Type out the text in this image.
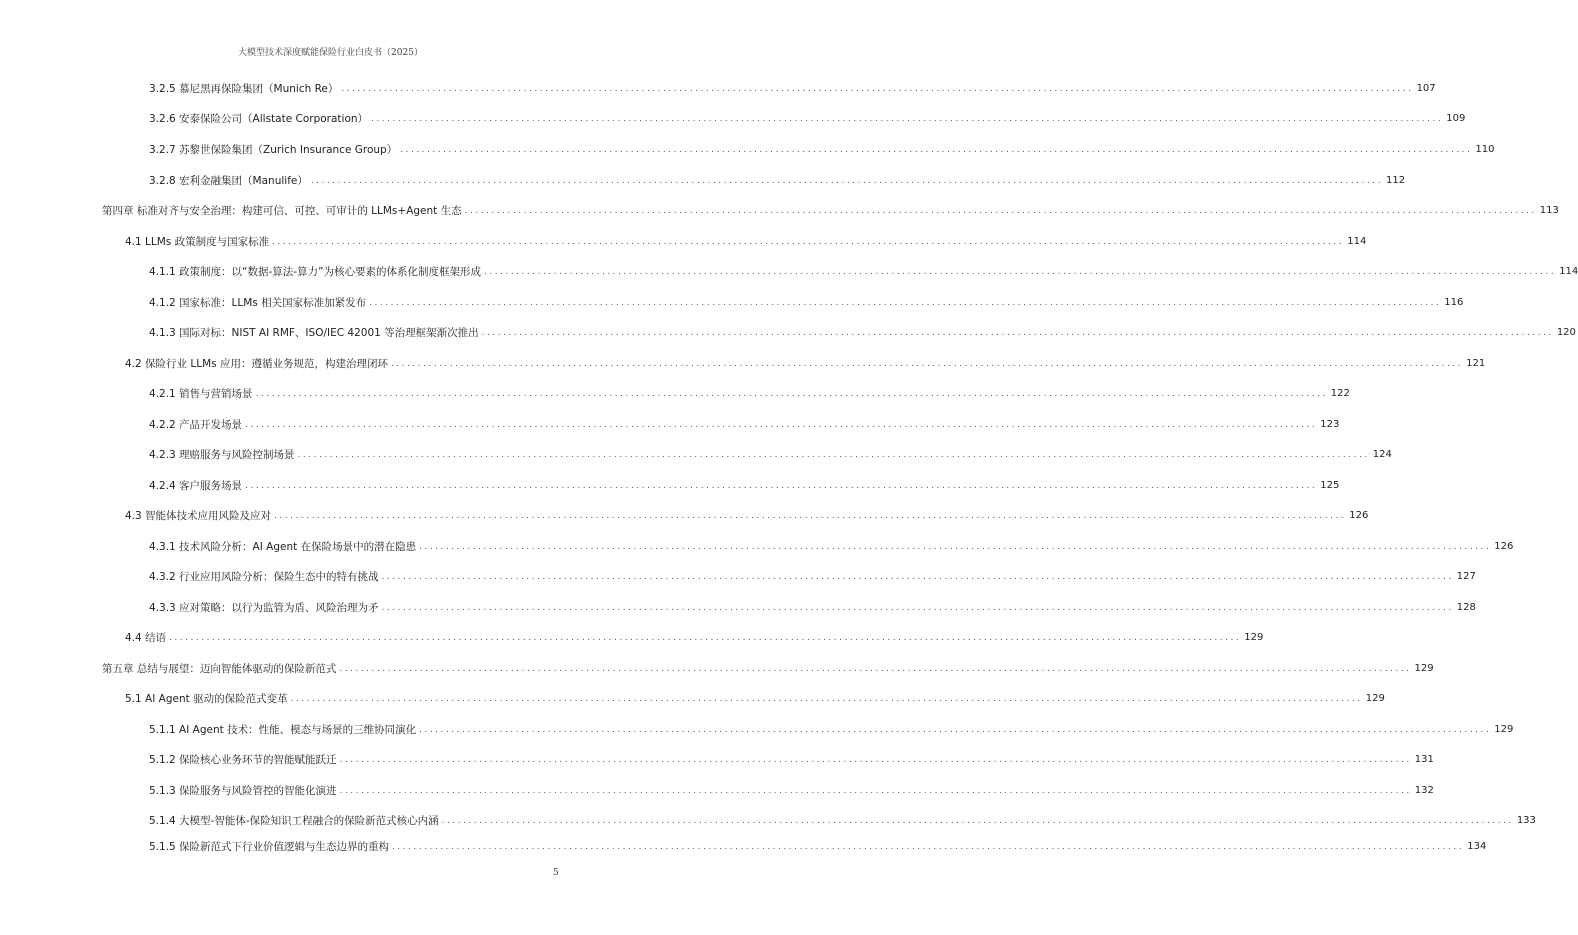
大模型技术深度赋能保险行业白皮书（2025）
3.2.5 慕尼黑再保险集团（Munich Re） ........................................................................................................................................................................................................ 107
3.2.6 安泰保险公司（Allstate Corporation） ........................................................................................................................................................................................................ 109
3.2.7 苏黎世保险集团（Zurich Insurance Group） ........................................................................................................................................................................................................ 110
3.2.8 宏利金融集团（Manulife） ........................................................................................................................................................................................................ 112
第四章 标准对齐与安全治理：构建可信、可控、可审计的 LLMs+Agent 生态 ........................................................................................................................................................................................................ 113
4.1 LLMs 政策制度与国家标准 ........................................................................................................................................................................................................ 114
4.1.1 政策制度：以“数据-算法-算力”为核心要素的体系化制度框架形成 ........................................................................................................................................................................................................ 114
4.1.2 国家标准：LLMs 相关国家标准加紧发布 ........................................................................................................................................................................................................ 116
4.1.3 国际对标：NIST AI RMF、ISO/IEC 42001 等治理框架渐次推出 ........................................................................................................................................................................................................ 120
4.2 保险行业 LLMs 应用：遵循业务规范，构建治理闭环 ........................................................................................................................................................................................................ 121
4.2.1 销售与营销场景 ........................................................................................................................................................................................................ 122
4.2.2 产品开发场景 ........................................................................................................................................................................................................ 123
4.2.3 理赔服务与风险控制场景 ........................................................................................................................................................................................................ 124
4.2.4 客户服务场景 ........................................................................................................................................................................................................ 125
4.3 智能体技术应用风险及应对 ........................................................................................................................................................................................................ 126
4.3.1 技术风险分析：AI Agent 在保险场景中的潜在隐患 ........................................................................................................................................................................................................ 126
4.3.2 行业应用风险分析：保险生态中的特有挑战 ........................................................................................................................................................................................................ 127
4.3.3 应对策略：以行为监管为盾、风险治理为矛 ........................................................................................................................................................................................................ 128
4.4 结语 ........................................................................................................................................................................................................ 129
第五章 总结与展望：迈向智能体驱动的保险新范式 ........................................................................................................................................................................................................ 129
5.1 AI Agent 驱动的保险范式变革 ........................................................................................................................................................................................................ 129
5.1.1 AI Agent 技术：性能、模态与场景的三维协同演化 ........................................................................................................................................................................................................ 129
5.1.2 保险核心业务环节的智能赋能跃迁 ........................................................................................................................................................................................................ 131
5.1.3 保险服务与风险管控的智能化演进 ........................................................................................................................................................................................................ 132
5.1.4 大模型-智能体-保险知识工程融合的保险新范式核心内涵 ........................................................................................................................................................................................................ 133
5.1.5 保险新范式下行业价值逻辑与生态边界的重构 ........................................................................................................................................................................................................ 134
5
